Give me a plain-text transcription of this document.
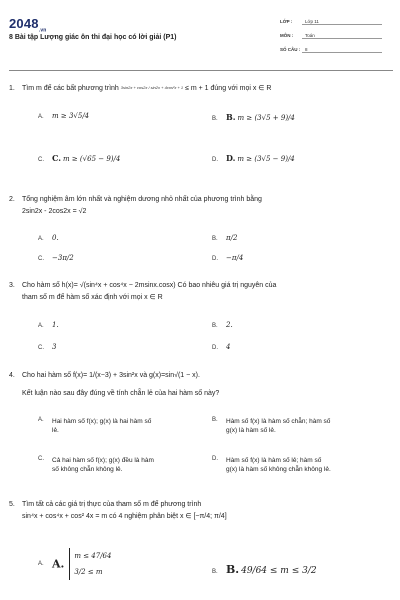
$2048_{.vn}$
8 Bài tập Lượng giác ôn thi đại học có lời giải (P1)
LỚP :	Lớp 11
MÔN :	Toán
SỐ CÂU : 8
1. Tìm m để các bất phương trình 3sin2x + cos2x / sin2x + 4cos²x + 1 ≤ m + 1 đúng với mọi x ∈ R
A. m ≥ 3√5/4	B. B. m ≥ (3√5 + 9)/4
C. C. m ≥ (√65 − 9)/4	D. D. m ≥ (3√5 − 9)/4
2. Tổng nghiệm âm lớn nhất và nghiệm dương nhỏ nhất của phương trình bằng
2sin2x - 2cos2x = √2
A. 0.	B. π/2
C. −3π/2	D. −π/4
3. Cho hàm số h(x)= √(sin⁴x + cos⁴x − 2msinx.cosx) Có bao nhiêu giá trị nguyên của
tham số m để hàm số xác định với mọi x ∈ R
A. 1.	B. 2.
C. 3	D. 4
4. Cho hai hàm số f(x)= 1/(x−3) + 3sin²x và g(x)=sin√(1 − x).
Kết luận nào sau đây đúng về tính chẵn lẻ của hai hàm số này?
A. Hai hàm số f(x); g(x) là hai hàm số
lẻ.
B. Hàm số f(x) là hàm số chẵn; hàm số
g(x) là hàm số lẻ.
C. Cả hai hàm số f(x); g(x) đều là hàm
số không chẵn không lẻ.
D. Hàm số f(x) là hàm số lẻ; hàm số
g(x) là hàm số không chẵn không lẻ.
5. Tìm tất cả các giá trị thực của tham số m để phương trình
sin⁴x + cos⁴x + cos² 4x = m có 4 nghiệm phân biệt x ∈ [−π/4; π/4]
A. A.
m ≤ 47/64
3/2 ≤ m	B. B. 49/64 ≤ m ≤ 3/2
